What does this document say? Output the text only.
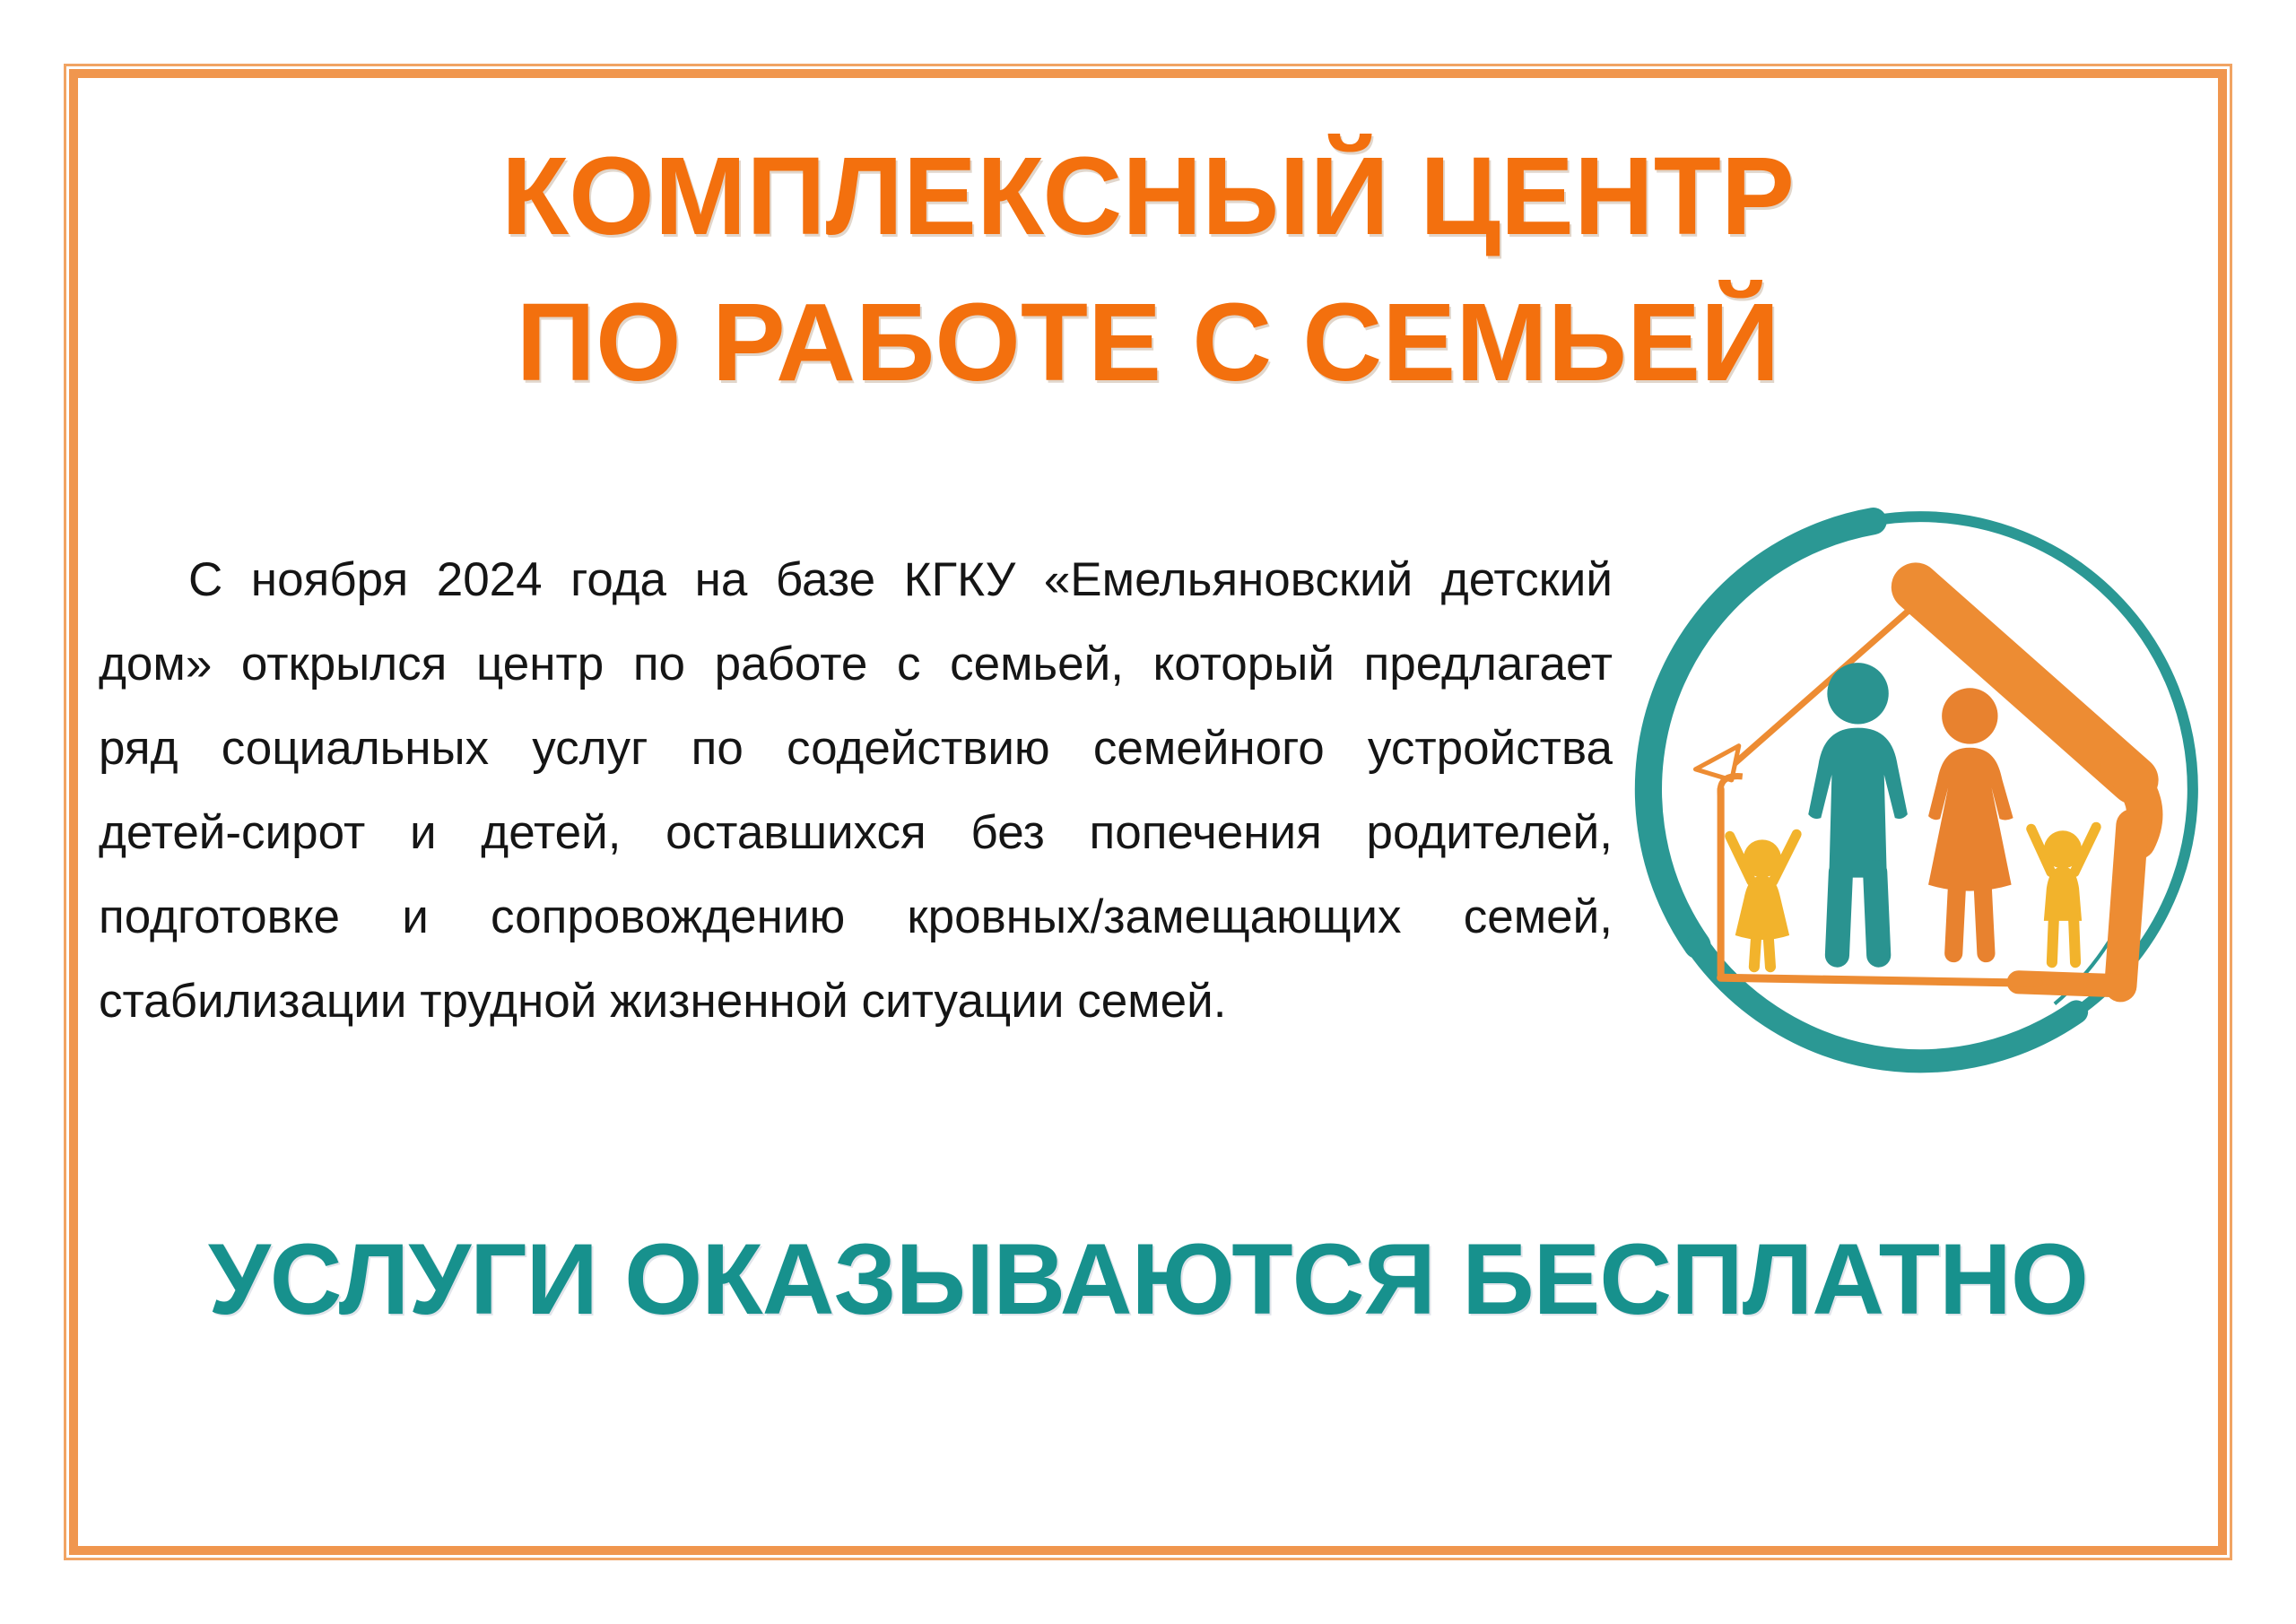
КОМПЛЕКСНЫЙ ЦЕНТР
ПО РАБОТЕ С СЕМЬЕЙ
С ноября 2024 года на базе КГКУ «Емельяновский детский
дом» открылся центр по работе с семьей, который предлагает
ряд социальных услуг по содействию семейного устройства
детей-сирот и детей, оставшихся без попечения родителей,
подготовке и сопровождению кровных/замещающих семей,
стабилизации трудной жизненной ситуации семей.
УСЛУГИ ОКАЗЫВАЮТСЯ БЕСПЛАТНО
